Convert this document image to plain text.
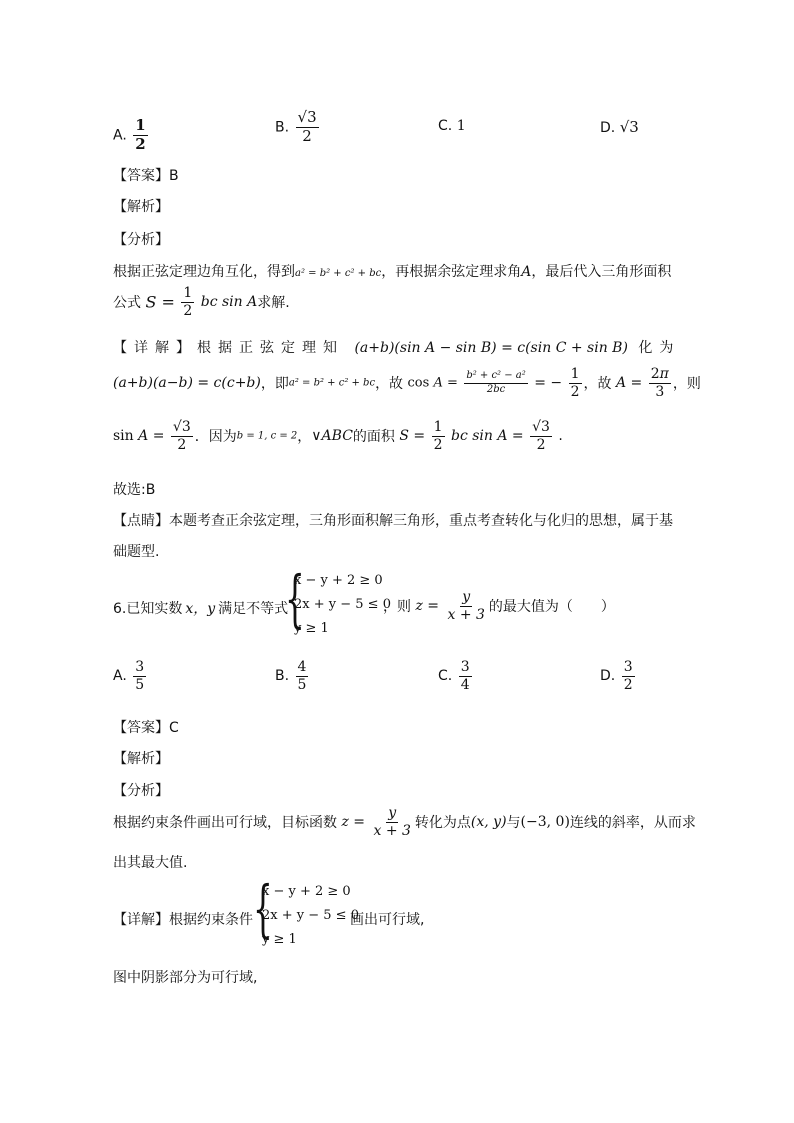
A. $\frac{1}{2}$	B. $\frac{√3}{2}$	C. 1	D. √3
【答案】B
【解析】
【分析】
根据正弦定理边角互化，得到a² = b² + c² + bc，再根据余弦定理求角A，最后代入三角形面积
公式 $S = \frac{1}{2}$ bc sin A求解.
【详解】根据正弦定理知 (a+b)(sin A − sin B) = c(sin C + sin B) 化为
(a+b)(a−b) = c(c+b)，即a² = b² + c² + bc，故 $\cos A = \frac{\text{b² + c² − a²}}{2bc}$ = − $\frac{1}{2}$ ，故 $A = \frac{2\pi}{3}$ ，则
$\sin A = \frac{√3}{2}$ ．因为b = 1, c = 2，∨ABC的面积 $S = \frac{1}{2}$ bc $\sin A = \frac{√3}{2}$ .
故选:B
【点睛】本题考查正余弦定理，三角形面积解三角形，重点考查转化与化归的思想，属于基
础题型.
6.已知实数 x，y 满足不等式
{
x − y + 2 ≥ 0
2x + y − 5 ≤ 0
y ≥ 1
，则 $z = \frac{y}{x + 3}$ 的最大值为（　　）
A. $\frac{3}{5}$	B. $\frac{4}{5}$	C. $\frac{3}{4}$	D. $\frac{3}{2}$
【答案】C
【解析】
【分析】
根据约束条件画出可行域，目标函数 $z = \frac{y}{x + 3}$ 转化为点(x, y)与(−3, 0)连线的斜率，从而求
出其最大值.
【详解】根据约束条件 {
x − y + 2 ≥ 0
2x + y − 5 ≤ 0
y ≥ 1
画出可行域,
图中阴影部分为可行域,
